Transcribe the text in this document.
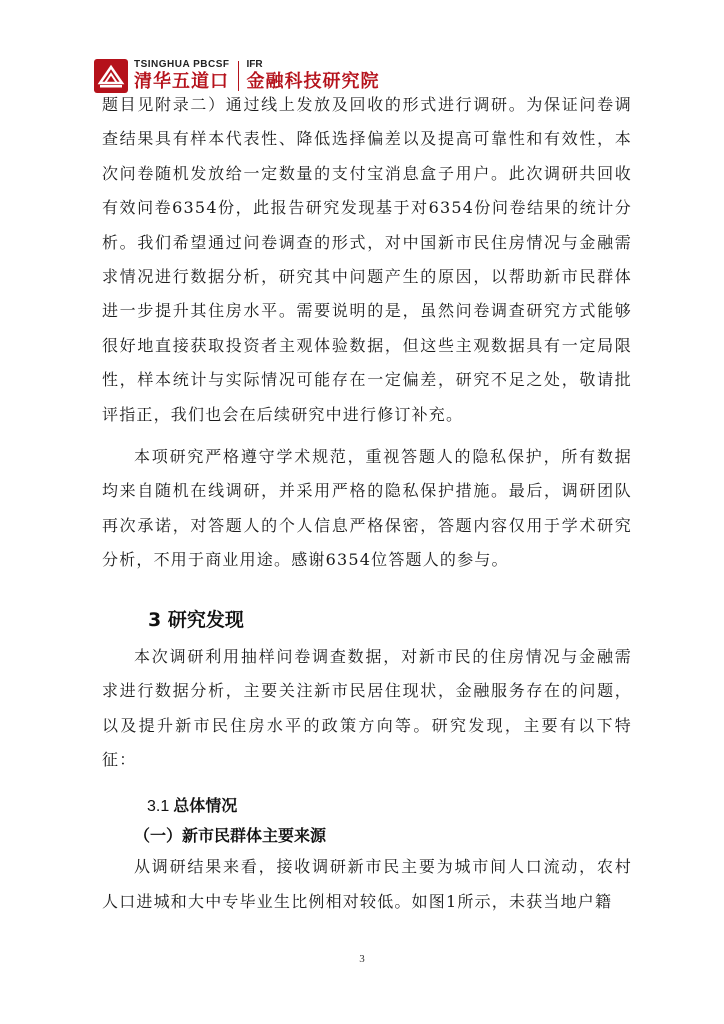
TSINGHUA PBCSF
清华五道口
IFR
金融科技研究院

题目见附录二）通过线上发放及回收的形式进行调研。为保证问卷调查结果具有样本代表性、降低选择偏差以及提高可靠性和有效性，本次问卷随机发放给一定数量的支付宝消息盒子用户。此次调研共回收有效问卷6354份，此报告研究发现基于对6354份问卷结果的统计分析。我们希望通过问卷调查的形式，对中国新市民住房情况与金融需求情况进行数据分析，研究其中问题产生的原因，以帮助新市民群体进一步提升其住房水平。需要说明的是，虽然问卷调查研究方式能够很好地直接获取投资者主观体验数据，但这些主观数据具有一定局限性，样本统计与实际情况可能存在一定偏差，研究不足之处，敬请批评指正，我们也会在后续研究中进行修订补充。

本项研究严格遵守学术规范，重视答题人的隐私保护，所有数据均来自随机在线调研，并采用严格的隐私保护措施。最后，调研团队再次承诺，对答题人的个人信息严格保密，答题内容仅用于学术研究分析，不用于商业用途。感谢6354位答题人的参与。

3 研究发现

本次调研利用抽样问卷调查数据，对新市民的住房情况与金融需求进行数据分析，主要关注新市民居住现状，金融服务存在的问题，以及提升新市民住房水平的政策方向等。研究发现，主要有以下特征：

3.1 总体情况
（一）新市民群体主要来源

从调研结果来看，接收调研新市民主要为城市间人口流动，农村人口进城和大中专毕业生比例相对较低。如图1所示，未获当地户籍

3
